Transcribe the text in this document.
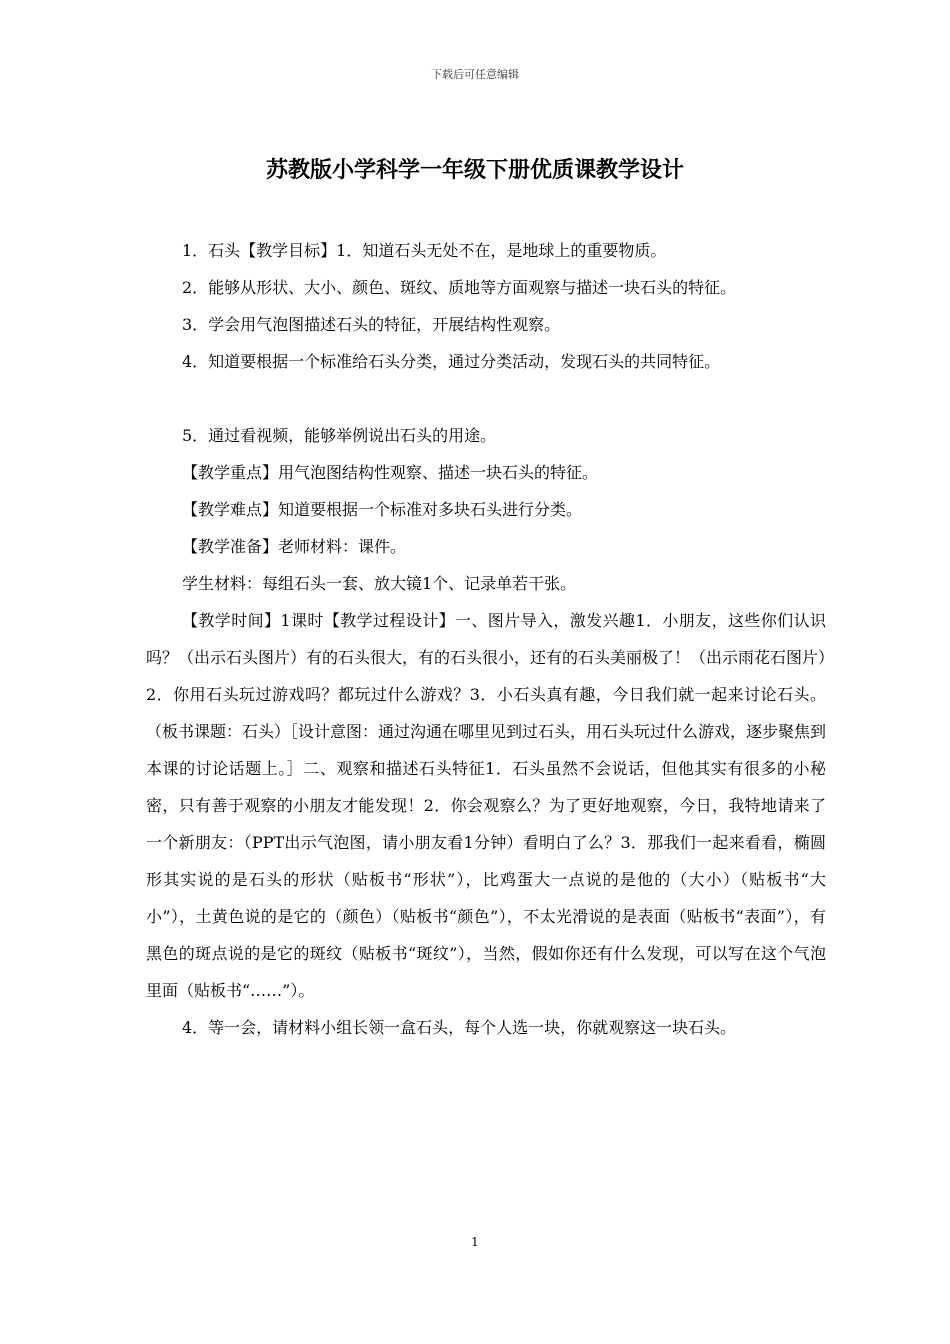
下载后可任意编辑
苏教版小学科学一年级下册优质课教学设计

1．石头【教学目标】1．知道石头无处不在，是地球上的重要物质。

2．能够从形状、大小、颜色、斑纹、质地等方面观察与描述一块石头的特征。

3．学会用气泡图描述石头的特征，开展结构性观察。

4．知道要根据一个标准给石头分类，通过分类活动，发现石头的共同特征。

5．通过看视频，能够举例说出石头的用途。

【教学重点】用气泡图结构性观察、描述一块石头的特征。

【教学难点】知道要根据一个标准对多块石头进行分类。

【教学准备】老师材料：课件。

学生材料：每组石头一套、放大镜1个、记录单若干张。

【教学时间】1课时【教学过程设计】一、图片导入，激发兴趣1．小朋友，这些你们认识吗？（出示石头图片）有的石头很大，有的石头很小，还有的石头美丽极了！（出示雨花石图片）2．你用石头玩过游戏吗？都玩过什么游戏？3．小石头真有趣，今日我们就一起来讨论石头。（板书课题：石头）［设计意图：通过沟通在哪里见到过石头，用石头玩过什么游戏，逐步聚焦到本课的讨论话题上。］二、观察和描述石头特征1．石头虽然不会说话，但他其实有很多的小秘密，只有善于观察的小朋友才能发现！2．你会观察么？为了更好地观察，今日，我特地请来了一个新朋友：（PPT出示气泡图，请小朋友看1分钟）看明白了么？3．那我们一起来看看，椭圆形其实说的是石头的形状（贴板书“形状”），比鸡蛋大一点说的是他的（大小）（贴板书“大小”），土黄色说的是它的（颜色）（贴板书“颜色”），不太光滑说的是表面（贴板书“表面”），有黑色的斑点说的是它的斑纹（贴板书“斑纹”），当然，假如你还有什么发现，可以写在这个气泡里面（贴板书“……”）。

4．等一会，请材料小组长领一盒石头，每个人选一块，你就观察这一块石头。

1
